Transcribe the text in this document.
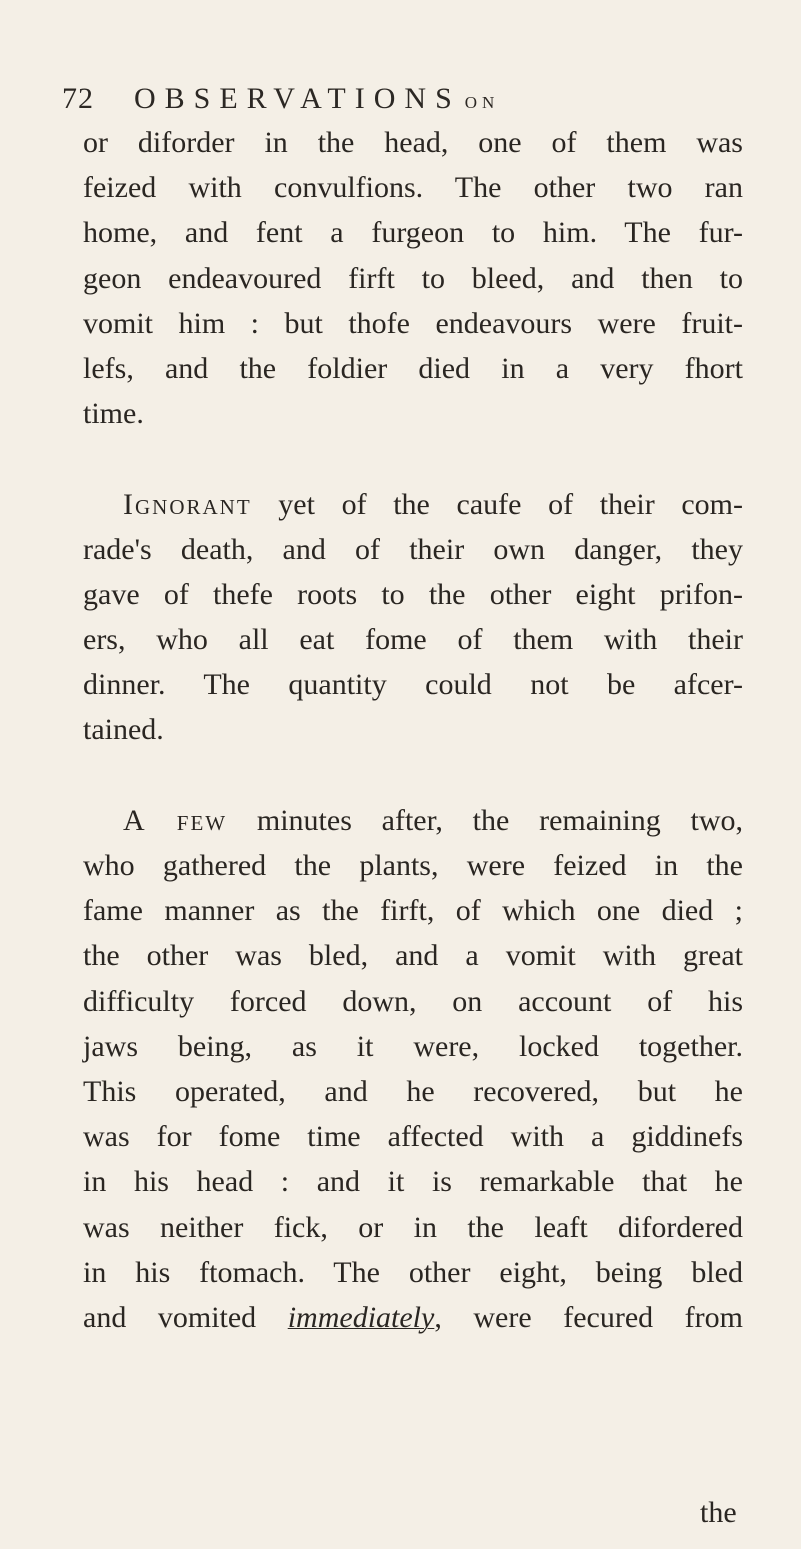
72 OBSERVATIONS ON
or diforder in the head, one of them was
feized with convulfions. The other two ran
home, and fent a furgeon to him. The fur-
geon endeavoured firft to bleed, and then to
vomit him : but thofe endeavours were fruit-
lefs, and the foldier died in a very fhort
time.
Ignorant yet of the caufe of their com-
rade's death, and of their own danger, they
gave of thefe roots to the other eight prifon-
ers, who all eat fome of them with their
dinner. The quantity could not be afcer-
tained.
A few minutes after, the remaining two,
who gathered the plants, were feized in the
fame manner as the firft, of which one died ;
the other was bled, and a vomit with great
difficulty forced down, on account of his
jaws being, as it were, locked together.
This operated, and he recovered, but he
was for fome time affected with a giddinefs
in his head : and it is remarkable that he
was neither fick, or in the leaft difordered
in his ftomach. The other eight, being bled
and vomited immediately, were fecured from
the
